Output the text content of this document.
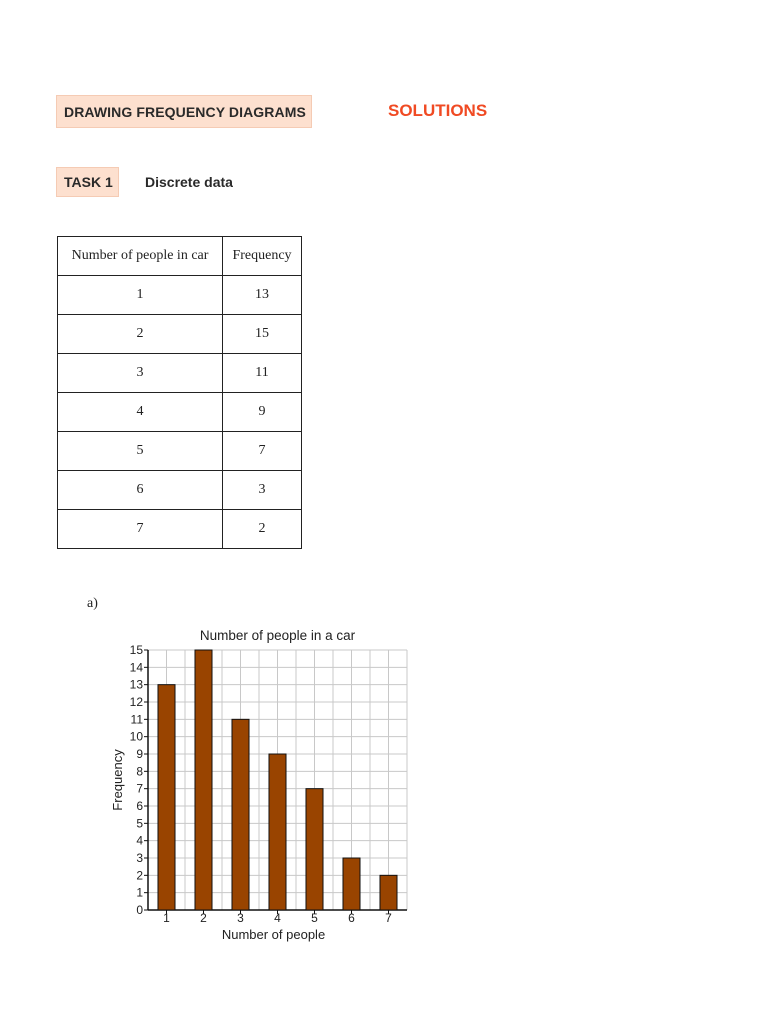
DRAWING FREQUENCY DIAGRAMS	SOLUTIONS
TASK 1 Discrete data
Number of people in car	Frequency
1	13
2	15
3	11
4	9
5	7
6	3
7	2
a)
0
1
2
3
4
5
6
7
8
9
10
11
12
13
14
15
1	2	3	4	5	6	7
Number of people in a car
Number of people
Frequency
